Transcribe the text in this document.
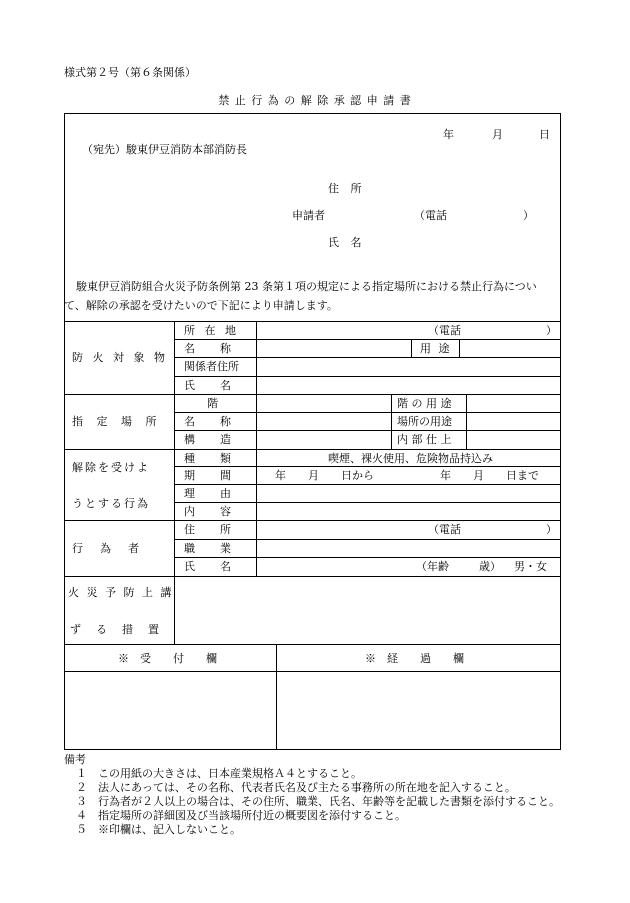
様式第２号（第６条関係）
禁 止 行 為 の 解 除 承 認 申 請 書
年	月	日
（宛先）駿東伊豆消防本部消防長
住 所
申請者	（電話	）
氏 名
駿東伊豆消防組合火災予防条例第 23 条第１項の規定による指定場所における禁止行為につい
て、解除の承認を受けたいので下記により申請します。
防 火 対 象 物
所 在 地	（電話	）
名　　称	用 途
関係者住所
氏　　名
指 定 場 所
階	階 の 用 途
名　　称	場所の用途
構　　造	内 部 仕 上
解除を受けよ
うとする行為
種　　類	喫煙、裸火使用、危険物品持込み
期　　間	年　　月　　日から	年　　月　　日まで
理　　由
内　　容
行　為　者
住　　所	（電話	）
職　　業
氏　　名	（年齢	歳） 男・女
火 災 予 防 上 講
ず　る　措　置
※　受　　付　　欄	※　経　　過　　欄
備考
１　この用紙の大きさは、日本産業規格Ａ４とすること。
２　法人にあっては、その名称、代表者氏名及び主たる事務所の所在地を記入すること。
３　行為者が２人以上の場合は、その住所、職業、氏名、年齢等を記載した書類を添付すること。
４　指定場所の詳細図及び当該場所付近の概要図を添付すること。
５　※印欄は、記入しないこと。
